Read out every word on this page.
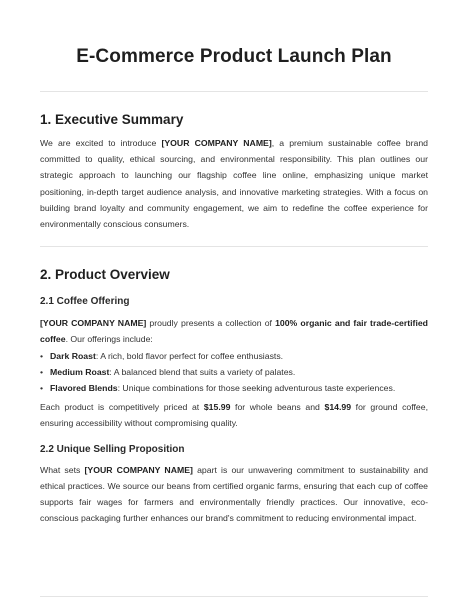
E-Commerce Product Launch Plan
1. Executive Summary

We are excited to introduce [YOUR COMPANY NAME], a premium sustainable coffee brand committed to quality, ethical sourcing, and environmental responsibility. This plan outlines our strategic approach to launching our flagship coffee line online, emphasizing unique market positioning, in-depth target audience analysis, and innovative marketing strategies. With a focus on building brand loyalty and community engagement, we aim to redefine the coffee experience for environmentally conscious consumers.

2. Product Overview
2.1 Coffee Offering

[YOUR COMPANY NAME] proudly presents a collection of 100% organic and fair trade-certified coffee. Our offerings include:

• Dark Roast: A rich, bold flavor perfect for coffee enthusiasts.
• Medium Roast: A balanced blend that suits a variety of palates.
• Flavored Blends: Unique combinations for those seeking adventurous taste experiences.

Each product is competitively priced at $15.99 for whole beans and $14.99 for ground coffee, ensuring accessibility without compromising quality.

2.2 Unique Selling Proposition

What sets [YOUR COMPANY NAME] apart is our unwavering commitment to sustainability and ethical practices. We source our beans from certified organic farms, ensuring that each cup of coffee supports fair wages for farmers and environmentally friendly practices. Our innovative, eco-conscious packaging further enhances our brand's commitment to reducing environmental impact.
